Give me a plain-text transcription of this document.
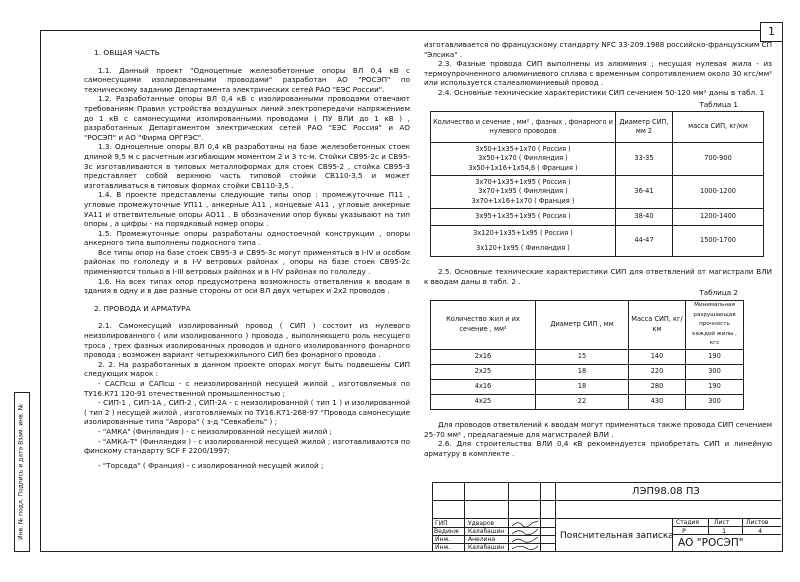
1
Инв. № подл. Подпись и дата Взам. инв. №
1. ОБЩАЯ ЧАСТЬ

1.1. Данный проект "Одноцепные железобетонные опоры ВЛ 0,4 кВ с самонесущими изолированными проводами" разработан АО "РОСЭП" по техническому заданию Департамента электрических сетей РАО "ЕЭС России".

1.2. Разработанные опоры ВЛ 0,4 кВ с изолированными проводами отвечают требованиям Правил устройства воздушных линий электропередачи напряжением до 1 кВ с самонесущими изолированными проводами ( ПУ ВЛИ до 1 кВ ) , разработанных Департаментом электрических сетей РАО "ЕЭС Россия" и АО "РОСЭП" и АО "Фирма ОРГРЭС".

1.3. Одноцепные опоры ВЛ 0,4 кВ разработаны на базе железобетонных стоек длиной 9,5 м с расчетным изгибающим моментом 2 и 3 тс·м. Стойки СВ95-2с и СВ95-3с изготавливаются в типовых металлоформах для стоек СВ95-2 , стойка СВ95-3 представляет собой верхнюю часть типовой стойки СВ110-3,5 и может изготавливаться в типовых формах стойки СВ110-3,5 .

1.4. В проекте представлены следующие типы опор : промежуточные П11 , угловые промежуточные УП11 , анкерные А11 , концевые А11 , угловые анкерные УА11 и ответвительные опоры АО11 . В обозначении опор буквы указывают на тип опоры , а цифры - на порядковый номер опоры .

1.5. Промежуточные опоры разработаны одностоечной конструкции , опоры анкерного типа выполнены подкосного типа .

Все типы опор на базе стоек СВ95-3 и СВ95-3с могут применяться в I-IV и особом районах по гололеду и в I-V ветровых районах , опоры на базе стоек СВ95-2с применяются только в I-III ветровых районах и в I-IV районах по гололеду .

1.6. На всех типах опор предусмотрена возможность ответвления к вводам в здания в одну и в две разные стороны от оси ВЛ двух четырех и 2х2 проводов .

2. ПРОВОДА И АРМАТУРА

2.1. Самонесущий изолированный провод ( СИП ) состоит из нулевого неизолированного ( или изолированного ) провода , выполняющего роль несущего троса , трех фазных изолированных проводов и одного изолированного фонарного провода ; возможен вариант четырехжильного СИП без фонарного провода .

2. 2. На разработанных в данном проекте опорах могут быть подвешены СИП следующих марок :

- САСПсш и САПсш - с неизолированной несущей жилой , изготовляемых по ТУ16.К71 120-91 отечественной промышленностью ;

- СИП-1 , СИП-1А , СИП-2 , СИП-2А - с неизолированной ( тип 1 ) и изолированной ( тип 2 ) несущей жилой , изготовляемых по ТУ16.К71-268-97 "Провода самонесущие изолированные типа "Аврора" ( з-д "Севкабель" ) ;

- "АМКА" (Финляндия ) - с неизолированной несущей жилой ;

- "АМКА-Т" (Финляндия ) - с изолированной несущей жилой ; изготавливаются по финскому стандарту SCF F 2200/1997;

- "Торсада" ( Франция) - с изолированной несущей жилой ;

изготавливается по французскому стандарту NFC 33-209.1988 российско-французским СП "Элсика" .

2.3. Фазные провода СИП выполнены из алюминия ; несущая нулевая жила - из термоупрочненного алюминиевого сплава с временным сопротивлением около 30 кгс/мм² или используется сталеалюминиевый провод .

2.4. Основные технические характеристики СИП сечением 50-120 мм² даны в табл. 1

Таблица 1
Количество и сечение , мм² , фазных , фонарного и нулевого проводов	Диаметр СИП, мм 2	масса СИП, кг/км

3х50+1х35+1х70 ( Россия )
3х50+1х70 ( Финляндия )
3х50+1х16+1х54,6 ( Франция )	33-35	700-900

3х70+1х35+1х95 ( Россия )
3х70+1х95 ( Финляндия )
3х70+1х16+1х70 ( Франция )	36-41	1000-1200

3х95+1х35+1х95 ( Россия )	38-40	1200-1400

3х120+1х35+1х95 ( Россия )
3х120+1х95 ( Финляндия )	44-47	1500-1700

2.5. Основные технические характеристики СИП для ответвлений от магистрали ВЛИ к вводам даны в табл. 2 .

Таблица 2
Количество жил и их сечение , мм²	Диаметр СИП , мм	Масса СИП, кг/км	Минимальная разрушающая прочность каждой жилы , кгс
2х16	15	140	190
2х25	18	220	300
4х16	18	280	190
4х25	22	430	300

Для проводов ответвлений к вводам могут применяться также провода СИП сечением 25-70 мм² , предлагаемые для магистралей ВЛИ .

2.6. Для строительства ВЛИ 0,4 кВ рекомендуется приобретать СИП и линейную арматуру в комплекте .

ЛЭП98.08 ПЗ
Пояснительная записка
АО "РОСЭП"
Стадия Лист	Листов
Р	1	4
ГИП	Удваров
Вединж Калабашин
Инж.	Анелина
Инж.	Калабашин
